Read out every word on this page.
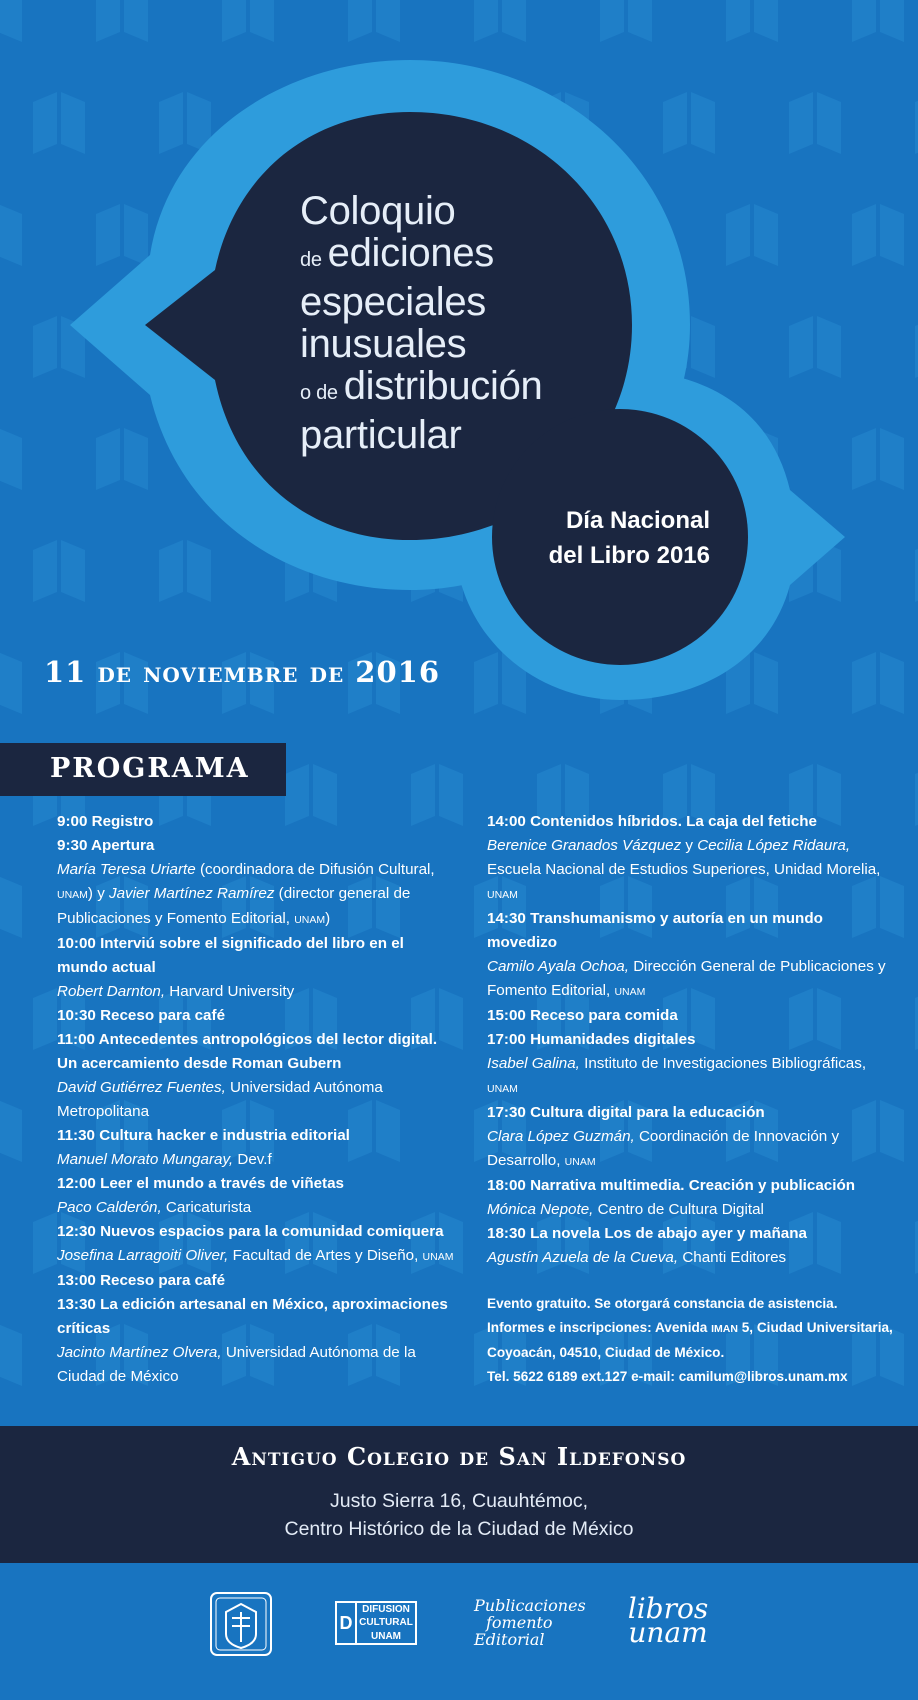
Coloquio
de ediciones
especiales
inusuales
o de distribución
particular
Día Nacional
del Libro 2016
11 de noviembre de 2016
PROGRAMA
9:00 Registro
9:30 Apertura
María Teresa Uriarte (coordinadora de Difusión Cultural, UNAM) y Javier Martínez Ramírez (director general de Publicaciones y Fomento Editorial, UNAM)
10:00 Interviú sobre el significado del libro en el mundo actual
Robert Darnton, Harvard University
10:30 Receso para café
11:00 Antecedentes antropológicos del lector digital. Un acercamiento desde Roman Gubern
David Gutiérrez Fuentes, Universidad Autónoma Metropolitana
11:30 Cultura hacker e industria editorial
Manuel Morato Mungaray, Dev.f
12:00 Leer el mundo a través de viñetas
Paco Calderón, Caricaturista
12:30 Nuevos espacios para la comunidad comiquera
Josefina Larragoiti Oliver, Facultad de Artes y Diseño, UNAM
13:00 Receso para café
13:30 La edición artesanal en México, aproximaciones críticas
Jacinto Martínez Olvera, Universidad Autónoma de la Ciudad de México
14:00 Contenidos híbridos. La caja del fetiche
Berenice Granados Vázquez y Cecilia López Ridaura, Escuela Nacional de Estudios Superiores, Unidad Morelia, UNAM
14:30 Transhumanismo y autoría en un mundo movedizo
Camilo Ayala Ochoa, Dirección General de Publicaciones y Fomento Editorial, UNAM
15:00 Receso para comida
17:00 Humanidades digitales
Isabel Galina, Instituto de Investigaciones Bibliográficas, UNAM
17:30 Cultura digital para la educación
Clara López Guzmán, Coordinación de Innovación y Desarrollo, UNAM
18:00 Narrativa multimedia. Creación y publicación
Mónica Nepote, Centro de Cultura Digital
18:30 La novela Los de abajo ayer y mañana
Agustín Azuela de la Cueva, Chanti Editores
Evento gratuito. Se otorgará constancia de asistencia.
Informes e inscripciones: Avenida IMAN 5, Ciudad Universitaria, Coyoacán, 04510, Ciudad de México.
Tel. 5622 6189 ext.127 e-mail: camilum@libros.unam.mx
Antiguo Colegio de San Ildefonso
Justo Sierra 16, Cuauhtémoc,
Centro Histórico de la Ciudad de México
D
DIFUSION
CULTURAL
UNAM
Publicaciones
fomento
Editorial
libros
unam
